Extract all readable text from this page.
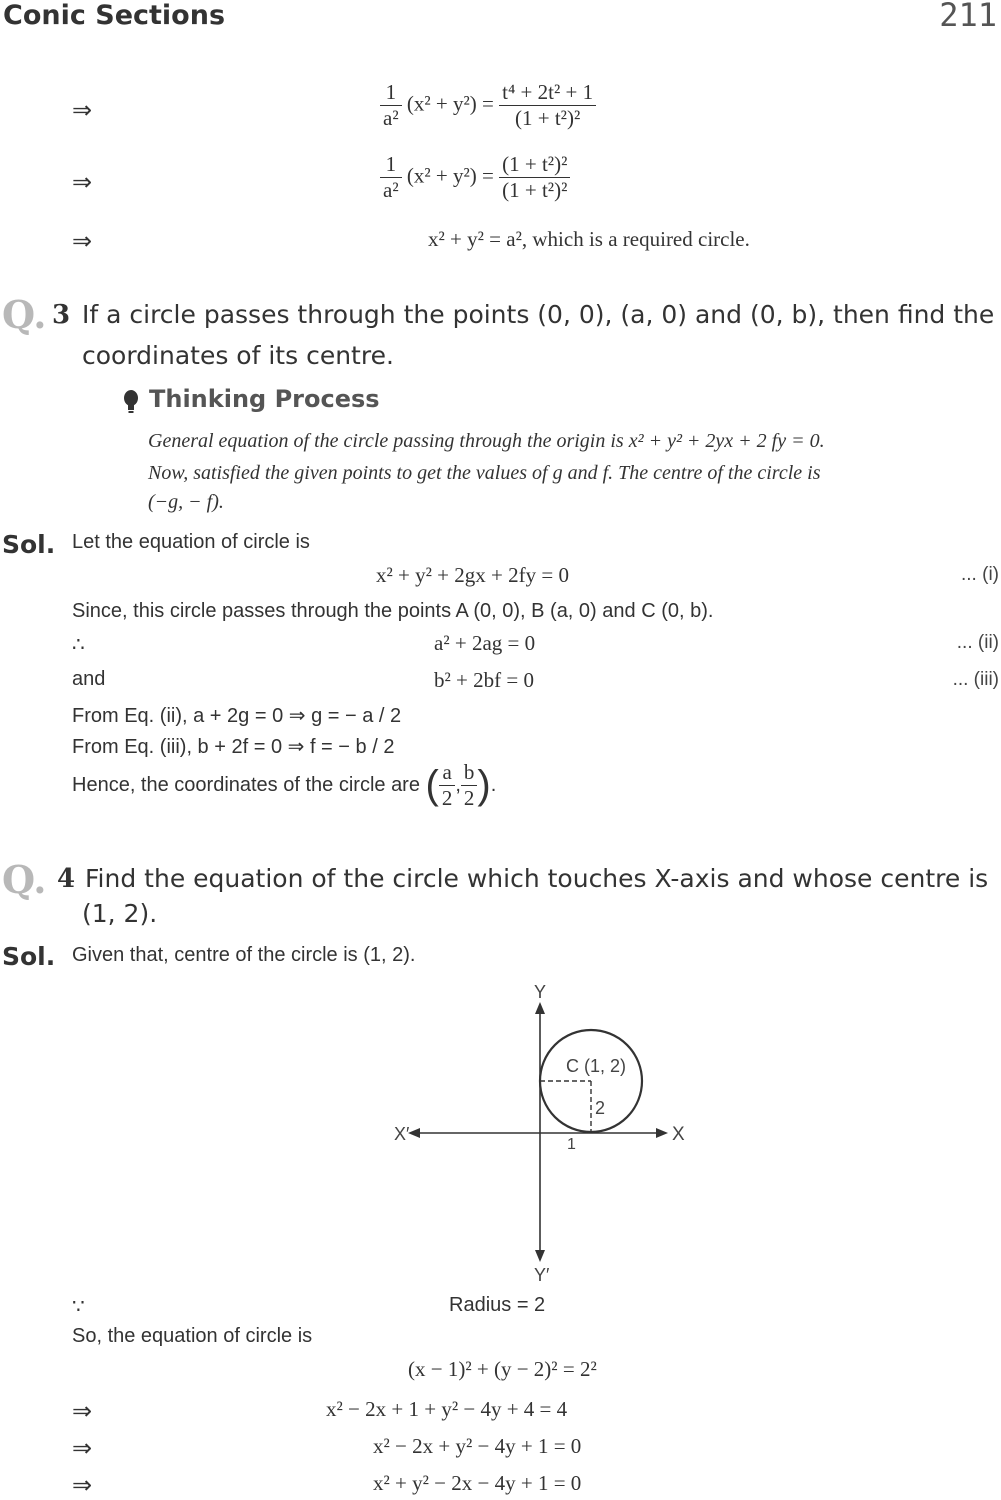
Conic Sections	211
⇒	$\frac{1}{\text{a²}} (x^2 + y^2) = \frac{\text{t⁴ + 2t² + 1}}{\text{(1 + t²)²}}$
⇒	$\frac{1}{\text{a²}} (x^2 + y^2) = \frac{\text{(1 + t²)²}}{\text{(1 + t²)²}}$
⇒	x² + y² = a², which is a required circle.
Q. 3 If a circle passes through the points (0, 0), (a, 0) and (0, b), then find the
coordinates of its centre.
Thinking Process
General equation of the circle passing through the origin is x² + y² + 2yx + 2 fy = 0.
Now, satisfied the given points to get the values of g and f. The centre of the circle is
(−g, − f).
Sol. Let the equation of circle is
x² + y² + 2gx + 2fy = 0	... (i)
Since, this circle passes through the points A (0, 0), B (a, 0) and C (0, b).
∴	a² + 2ag = 0	... (ii)
and	b² + 2bf = 0	... (iii)
From Eq. (ii), a + 2g = 0 ⇒ g = − a / 2
From Eq. (iii), b + 2f = 0 ⇒ f = − b / 2
Hence, the coordinates of the circle are ( $\frac{a}{2}$ , $\frac{b}{2}$ ).
Q. 4 Find the equation of the circle which touches X-axis and whose centre is
(1, 2).
Sol. Given that, centre of the circle is (1, 2).
Y
Y′
X
X′
C (1, 2)
2
1
∵	Radius = 2
So, the equation of circle is
(x − 1)² + (y − 2)² = 2²
⇒	x² − 2x + 1 + y² − 4y + 4 = 4
⇒	x² − 2x + y² − 4y + 1 = 0
⇒	x² + y² − 2x − 4y + 1 = 0
